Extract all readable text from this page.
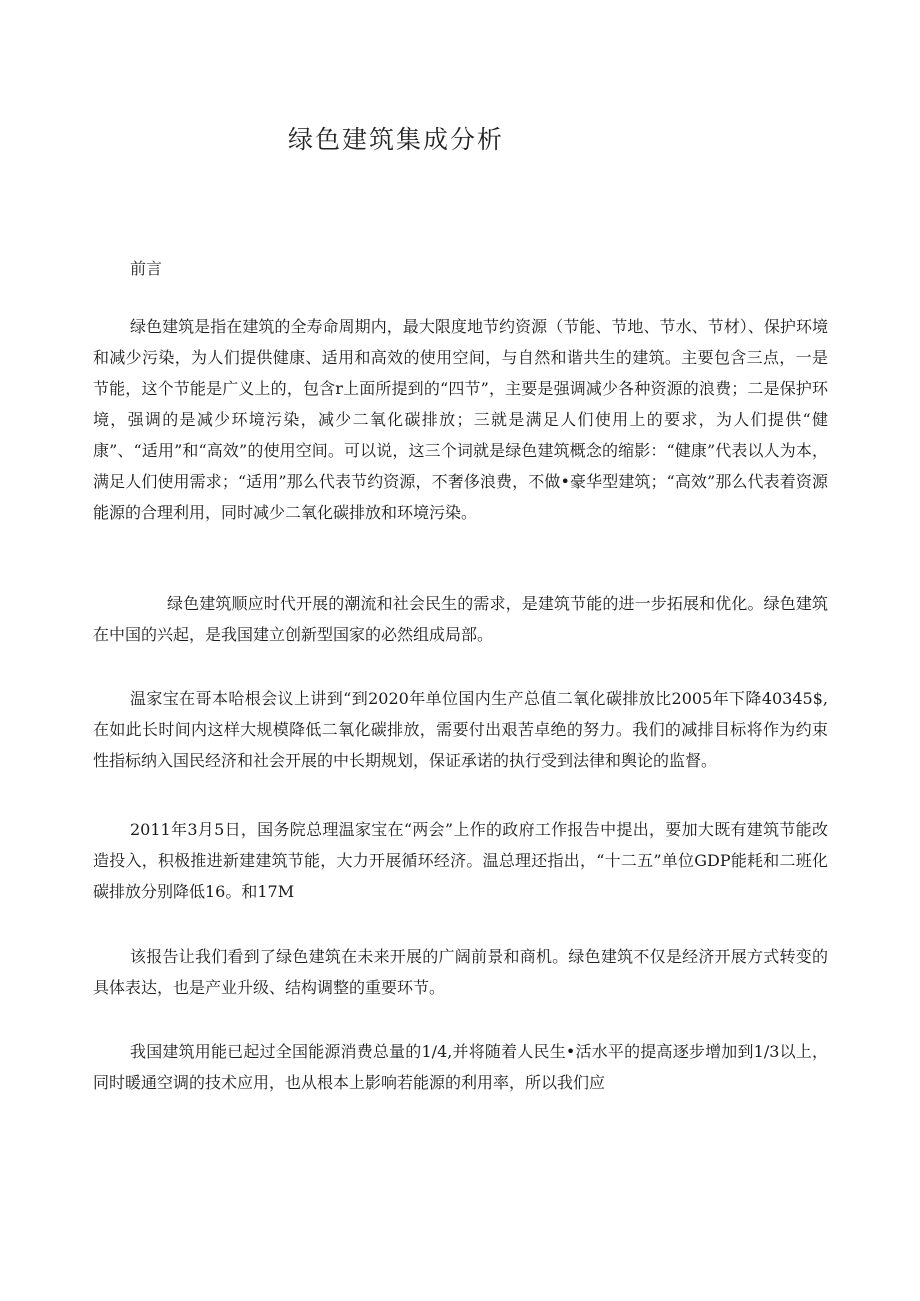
绿色建筑集成分析
前言

绿色建筑是指在建筑的全寿命周期内，最大限度地节约资源（节能、节地、节水、节材）、保护环境和减少污染，为人们提供健康、适用和高效的使用空间，与自然和谐共生的建筑。主要包含三点，一是节能，这个节能是广义上的，包含r上面所提到的“四节”，主要是强调减少各种资源的浪费；二是保护环境，强调的是减少环境污染，减少二氧化碳排放；三就是满足人们使用上的要求，为人们提供“健康”、“适用”和“高效”的使用空间。可以说，这三个词就是绿色建筑概念的缩影：“健康”代表以人为本，满足人们使用需求；“适用”那么代表节约资源，不奢侈浪费，不做•豪华型建筑；“高效”那么代表着资源能源的合理利用，同时减少二氧化碳排放和环境污染。

绿色建筑顺应时代开展的潮流和社会民生的需求，是建筑节能的进一步拓展和优化。绿色建筑在中国的兴起，是我国建立创新型国家的必然组成局部。

温家宝在哥本哈根会议上讲到“到2020年单位国内生产总值二氧化碳排放比2005年下降40345$,在如此长时间内这样大规模降低二氧化碳排放，需要付出艰苦卓绝的努力。我们的减排目标将作为约束性指标纳入国民经济和社会开展的中长期规划，保证承诺的执行受到法律和舆论的监督。

2011年3月5日，国务院总理温家宝在“两会”上作的政府工作报告中提出，要加大既有建筑节能改造投入，积极推进新建建筑节能，大力开展循环经济。温总理还指出，“十二五”单位GDP能耗和二班化碳排放分别降低16。和17M

该报告让我们看到了绿色建筑在未来开展的广阔前景和商机。绿色建筑不仅是经济开展方式转变的具体表达，也是产业升级、结构调整的重要环节。

我国建筑用能已起过全国能源消费总量的1/4,并将随着人民生•活水平的提高逐步增加到1/3以上，同时暖通空调的技术应用，也从根本上影响若能源的利用率，所以我们应
